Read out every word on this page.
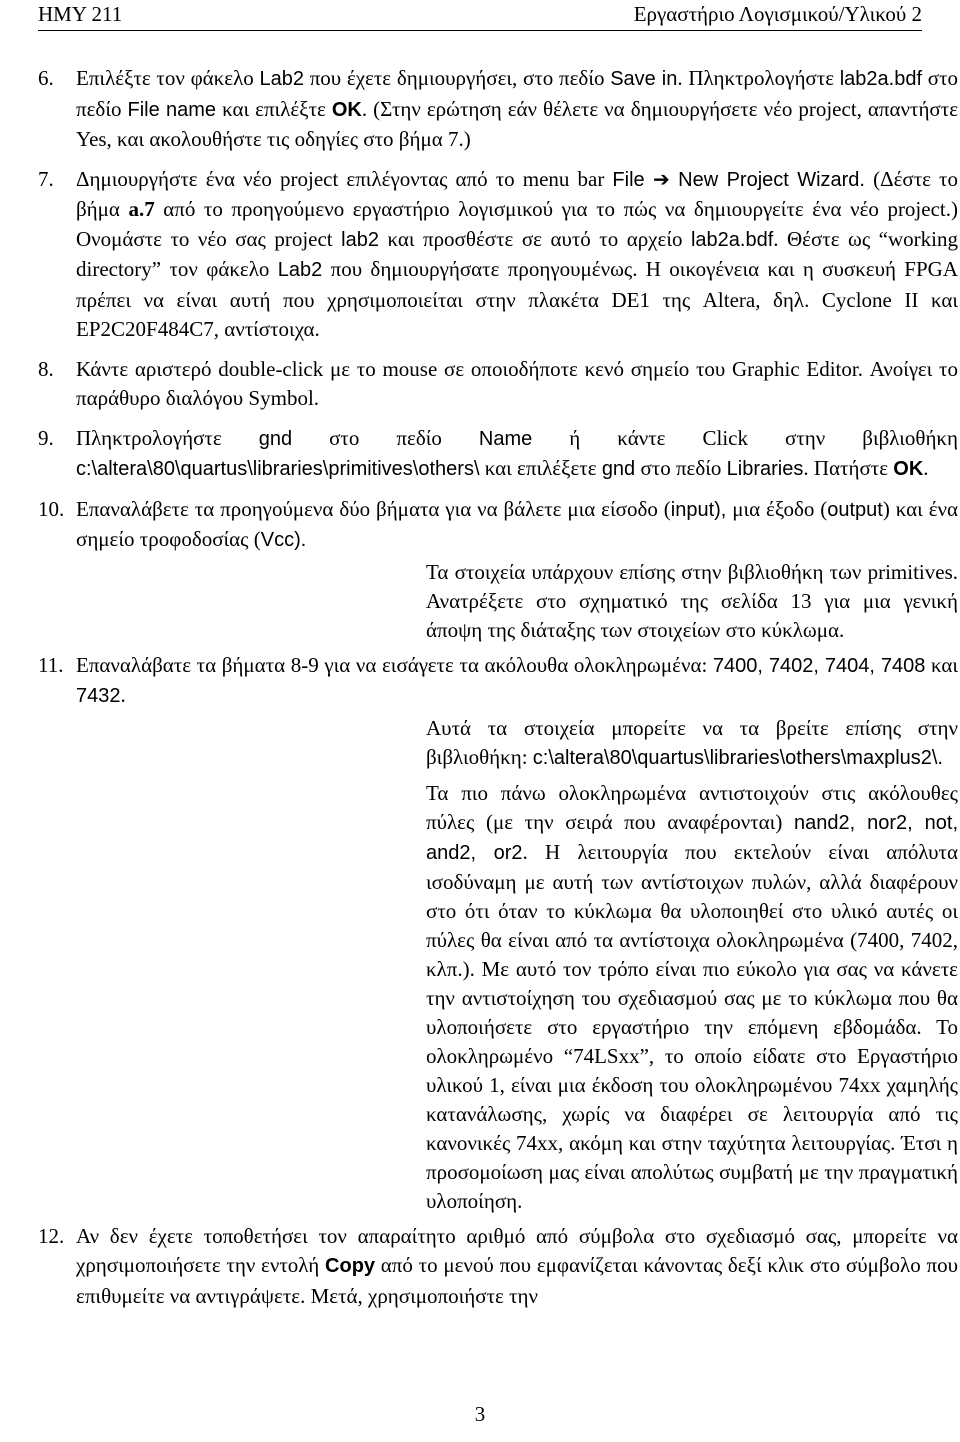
ΗΜΥ 211	Εργαστήριο Λογισμικού/Υλικού 2
6. Επιλέξτε τον φάκελο Lab2 που έχετε δημιουργήσει, στο πεδίο Save in. Πληκτρολογήστε lab2a.bdf στο πεδίο File name και επιλέξτε OK. (Στην ερώτηση εάν θέλετε να δημιουργήσετε νέο project, απαντήστε Yes, και ακολουθήστε τις οδηγίες στο βήμα 7.)

7. Δημιουργήστε ένα νέο project επιλέγοντας από το menu bar File ➔ New Project Wizard. (Δέστε το βήμα a.7 από το προηγούμενο εργαστήριο λογισμικού για το πώς να δημιουργείτε ένα νέο project.) Ονομάστε το νέο σας project lab2 και προσθέστε σε αυτό το αρχείο lab2a.bdf. Θέστε ως “working directory” τον φάκελο Lab2 που δημιουργήσατε προηγουμένως. Η οικογένεια και η συσκευή FPGA πρέπει να είναι αυτή που χρησιμοποιείται στην πλακέτα DE1 της Altera, δηλ. Cyclone II και EP2C20F484C7, αντίστοιχα.

8. Κάντε αριστερό double-click με το mouse σε οποιοδήποτε κενό σημείο του Graphic Editor. Ανοίγει το παράθυρο διαλόγου Symbol.

9. Πληκτρολογήστε gnd στο πεδίο Name ή κάντε Click στην βιβλιοθήκη c:\altera\80\quartus\libraries\primitives\others\ και επιλέξετε gnd στο πεδίο Libraries. Πατήστε OK.

10. Επαναλάβετε τα προηγούμενα δύο βήματα για να βάλετε μια είσοδο (input), μια έξοδο (output) και ένα σημείο τροφοδοσίας (Vcc).

Τα στοιχεία υπάρχουν επίσης στην βιβλιοθήκη των primitives. Ανατρέξετε στο σχηματικό της σελίδα 13 για μια γενική άποψη της διάταξης των στοιχείων στο κύκλωμα.

11. Επαναλάβατε τα βήματα 8-9 για να εισάγετε τα ακόλουθα ολοκληρωμένα: 7400, 7402, 7404, 7408 και 7432.

Αυτά τα στοιχεία μπορείτε να τα βρείτε επίσης στην βιβλιοθήκη: c:\altera\80\quartus\libraries\others\maxplus2\.

Τα πιο πάνω ολοκληρωμένα αντιστοιχούν στις ακόλουθες πύλες (με την σειρά που αναφέρονται) nand2, nor2, not, and2, or2. Η λειτουργία που εκτελούν είναι απόλυτα ισοδύναμη με αυτή των αντίστοιχων πυλών, αλλά διαφέρουν στο ότι όταν το κύκλωμα θα υλοποιηθεί στο υλικό αυτές οι πύλες θα είναι από τα αντίστοιχα ολοκληρωμένα (7400, 7402, κλπ.). Με αυτό τον τρόπο είναι πιο εύκολο για σας να κάνετε την αντιστοίχηση του σχεδιασμού σας με το κύκλωμα που θα υλοποιήσετε στο εργαστήριο την επόμενη εβδομάδα. Το ολοκληρωμένο “74LSxx”, το οποίο είδατε στο Εργαστήριο υλικού 1, είναι μια έκδοση του ολοκληρωμένου 74xx χαμηλής κατανάλωσης, χωρίς να διαφέρει σε λειτουργία από τις κανονικές 74xx, ακόμη και στην ταχύτητα λειτουργίας. Έτσι η προσομοίωση μας είναι απολύτως συμβατή με την πραγματική υλοποίηση.

12. Αν δεν έχετε τοποθετήσει τον απαραίτητο αριθμό από σύμβολα στο σχεδιασμό σας, μπορείτε να χρησιμοποιήσετε την εντολή Copy από το μενού που εμφανίζεται κάνοντας δεξί κλικ στο σύμβολο που επιθυμείτε να αντιγράψετε. Μετά, χρησιμοποιήστε την

3
